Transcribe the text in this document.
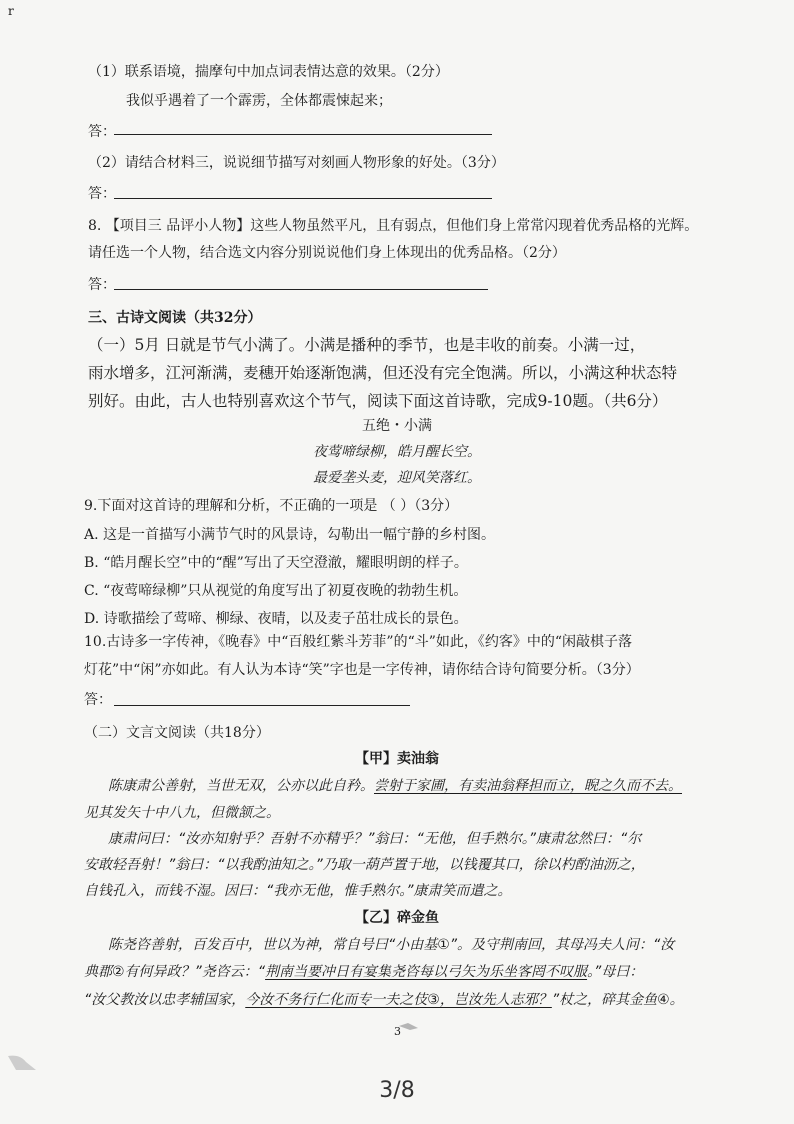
r
（1）联系语境，揣摩句中加点词表情达意的效果。（2分）
我似乎遇着了一个霹雳，全体都震悚起来；
答：
（2）请结合材料三，说说细节描写对刻画人物形象的好处。（3分）
答：
8. 【项目三 品评小人物】这些人物虽然平凡，且有弱点，但他们身上常常闪现着优秀品格的光辉。
请任选一个人物，结合选文内容分别说说他们身上体现出的优秀品格。（2分）
答：
三、古诗文阅读（共32分）
（一）5月 日就是节气小满了。小满是播种的季节，也是丰收的前奏。小满一过，
雨水增多，江河渐满，麦穗开始逐渐饱满，但还没有完全饱满。所以，小满这种状态特
别好。由此，古人也特别喜欢这个节气，阅读下面这首诗歌，完成9-10题。（共6分）
五绝・小满
夜莺啼绿柳，皓月醒长空。
最爱垄头麦，迎风笑落红。
9.下面对这首诗的理解和分析，不正确的一项是 （ ）（3分）
A. 这是一首描写小满节气时的风景诗，勾勒出一幅宁静的乡村图。
B. “皓月醒长空”中的“醒”写出了天空澄澈，耀眼明朗的样子。
C. “夜莺啼绿柳”只从视觉的角度写出了初夏夜晚的勃勃生机。
D. 诗歌描绘了莺啼、柳绿、夜晴，以及麦子茁壮成长的景色。
10.古诗多一字传神，《晚春》中“百般红紫斗芳菲”的“斗”如此，《约客》中的“闲敲棋子落
灯花”中“闲”亦如此。有人认为本诗“笑”字也是一字传神，请你结合诗句简要分析。（3分）
答：
（二）文言文阅读（共18分）
【甲】卖油翁
陈康肃公善射，当世无双，公亦以此自矜。尝射于家圃，有卖油翁释担而立，睨之久而不去。
见其发矢十中八九，但微颔之。
康肃问曰：“汝亦知射乎？吾射不亦精乎？”翁曰：“无他，但手熟尔。”康肃忿然曰：“尔
安敢轻吾射！”翁曰：“以我酌油知之。”乃取一葫芦置于地，以钱覆其口，徐以杓酌油沥之，
自钱孔入，而钱不湿。因曰：“我亦无他，惟手熟尔。”康肃笑而遣之。
【乙】碎金鱼
陈尧咨善射，百发百中，世以为神，常自号曰“小由基①”。及守荆南回，其母冯夫人问：“汝
典郡②有何异政？”尧咨云：“荆南当要冲日有宴集尧咨每以弓矢为乐坐客罔不叹服。”母曰：
“汝父教汝以忠孝辅国家，今汝不务行仁化而专一夫之伎③，岂汝先人志邪？”杖之，碎其金鱼④。
3
3/8
